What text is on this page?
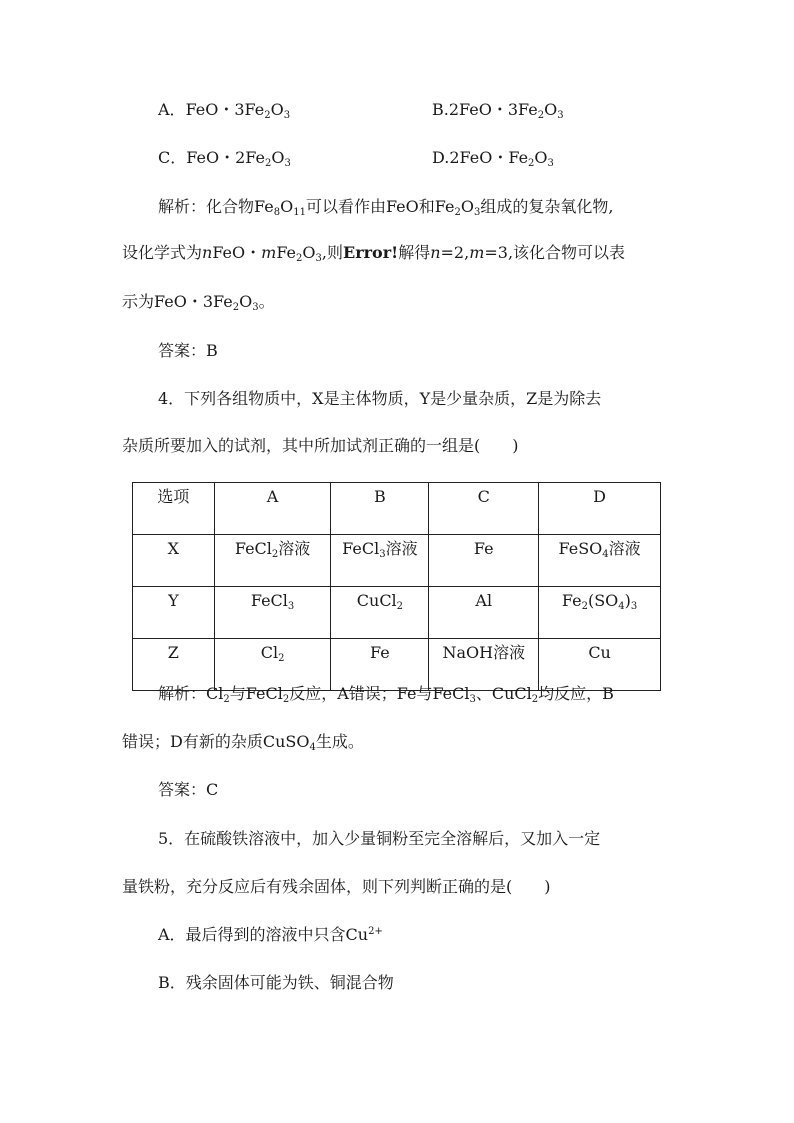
A．FeO・$3Fe_2O_3$	B.2FeO・$3Fe_2O_3$
C．FeO・$2Fe_2O_3$	D.2FeO・$Fe_2O_3$
解析：化合物$Fe_8O_{11}$可以看作由FeO和$Fe_2O_3$组成的复杂氧化物,
设化学式为nFeO・$mFe_2O_3$,则Error!解得n=2,m=3,该化合物可以表
示为FeO・$3Fe_2O_3$。
答案：B
4．下列各组物质中，X是主体物质，Y是少量杂质，Z是为除去
杂质所要加入的试剂，其中所加试剂正确的一组是(　　)
选项	A	B	C	D
X	FeCl$_2$溶液	FeCl$_3$溶液	Fe	FeSO$_4$溶液
Y	FeCl$_3$	CuCl$_2$	Al	$Fe_2(SO_4)_3$
Z	$Cl_2$	Fe	NaOH溶液	Cu
解析：$Cl_2$与FeCl$_2$反应，A错误；Fe与FeCl$_3$、CuCl$_2$均反应，B
错误；D有新的杂质CuSO$_4$生成。
答案：C
5．在硫酸铁溶液中，加入少量铜粉至完全溶解后，又加入一定
量铁粉，充分反应后有残余固体，则下列判断正确的是(　　)
A．最后得到的溶液中只含$Cu^{2+}$
B．残余固体可能为铁、铜混合物
